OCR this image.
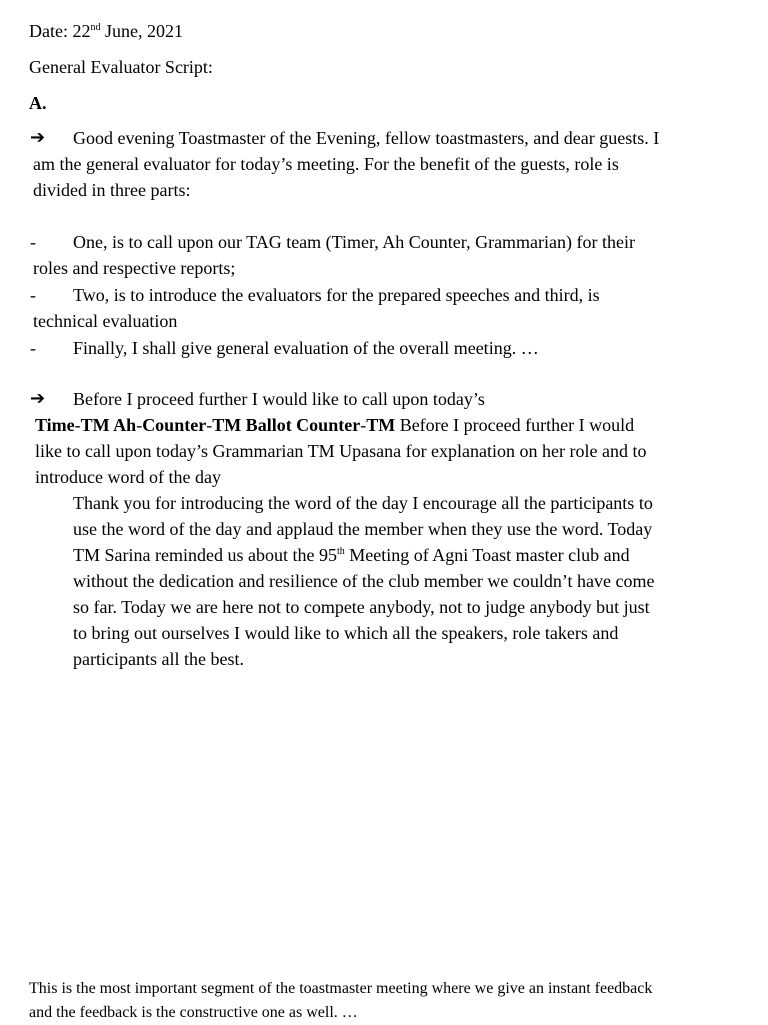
Date: 22nd June, 2021
General Evaluator Script:
A.
➔ Good evening Toastmaster of the Evening, fellow toastmasters, and dear guests. I
am the general evaluator for today’s meeting. For the benefit of the guests, role is
divided in three parts:
- One, is to call upon our TAG team (Timer, Ah Counter, Grammarian) for their
roles and respective reports;
- Two, is to introduce the evaluators for the prepared speeches and third, is
technical evaluation
- Finally, I shall give general evaluation of the overall meeting. …
➔ Before I proceed further I would like to call upon today’s
Time-TM Ah-Counter-TM Ballot Counter-TM Before I proceed further I would
like to call upon today’s Grammarian TM Upasana for explanation on her role and to
introduce word of the day
Thank you for introducing the word of the day I encourage all the participants to
use the word of the day and applaud the member when they use the word. Today
TM Sarina reminded us about the 95th Meeting of Agni Toast master club and
without the dedication and resilience of the club member we couldn’t have come
so far. Today we are here not to compete anybody, not to judge anybody but just
to bring out ourselves I would like to which all the speakers, role takers and
participants all the best.
This is the most important segment of the toastmaster meeting where we give an instant feedback
and the feedback is the constructive one as well. …
